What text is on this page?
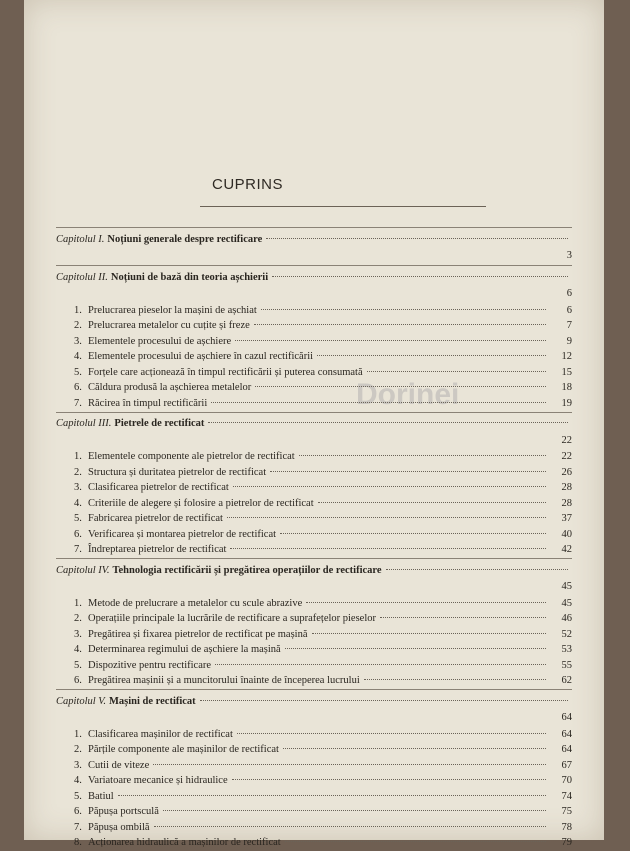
CUPRINS
Dorinei
Capitolul I. Noțiuni generale despre rectificare
3
Capitolul II. Noțiuni de bază din teoria așchierii
6
1. Prelucrarea pieselor la mașini de așchiat	6
2. Prelucrarea metalelor cu cuțite și freze	7
3. Elementele procesului de așchiere	9
4. Elementele procesului de așchiere în cazul rectificării	12
5. Forțele care acționează în timpul rectificării și puterea consumată	15
6. Căldura produsă la așchierea metalelor	18
7. Răcirea în timpul rectificării	19
Capitolul III. Pietrele de rectificat
22
1. Elementele componente ale pietrelor de rectificat	22
2. Structura și duritatea pietrelor de rectificat	26
3. Clasificarea pietrelor de rectificat	28
4. Criteriile de alegere și folosire a pietrelor de rectificat	28
5. Fabricarea pietrelor de rectificat	37
6. Verificarea și montarea pietrelor de rectificat	40
7. Îndreptarea pietrelor de rectificat	42
Capitolul IV. Tehnologia rectificării și pregătirea operațiilor de rectificare
45
1. Metode de prelucrare a metalelor cu scule abrazive	45
2. Operațiile principale la lucrările de rectificare a suprafețelor pieselor	46
3. Pregătirea și fixarea pietrelor de rectificat pe mașină	52
4. Determinarea regimului de așchiere la mașină	53
5. Dispozitive pentru rectificare	55
6. Pregătirea mașinii și a muncitorului înainte de începerea lucrului	62
Capitolul V. Mașini de rectificat
64
1. Clasificarea mașinilor de rectificat	64
2. Părțile componente ale mașinilor de rectificat	64
3. Cutii de viteze	67
4. Variatoare mecanice și hidraulice	70
5. Batiul	74
6. Păpușa portsculă	75
7. Păpușa ombilă	78
8. Acționarea hidraulică a mașinilor de rectificat	79
